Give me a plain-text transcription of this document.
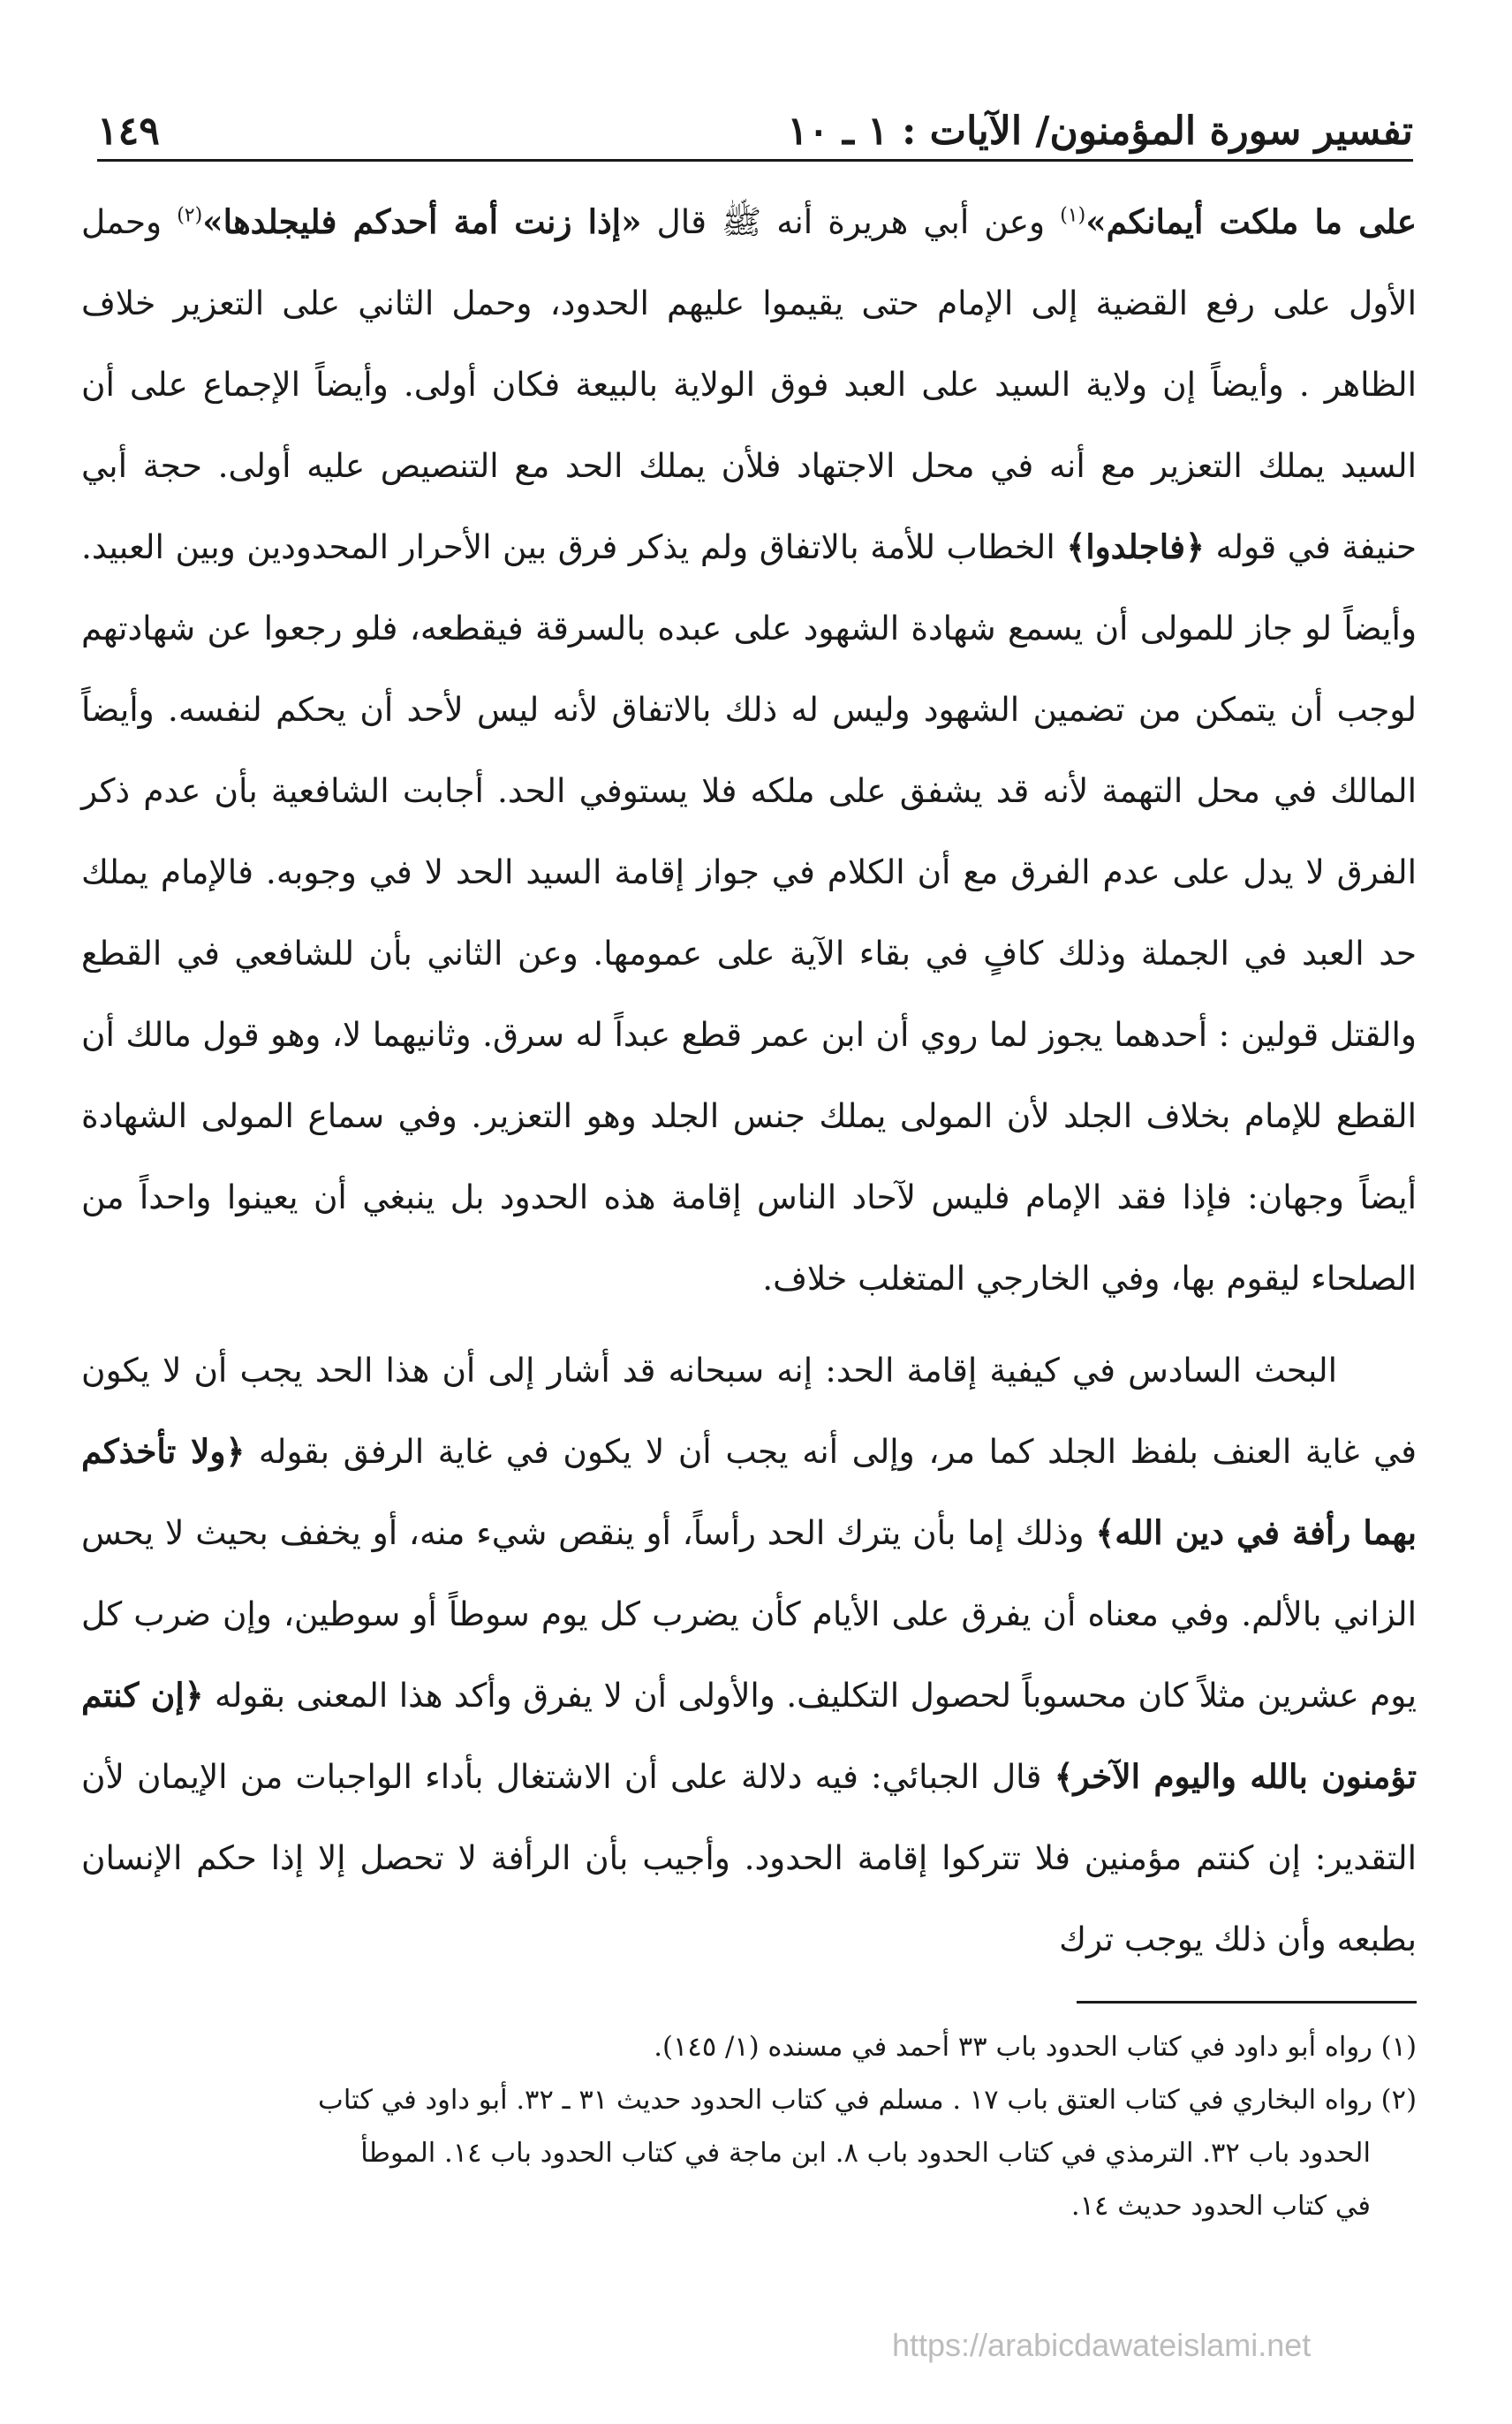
تفسير سورة المؤمنون/ الآيات : ١ ـ ١٠
١٤٩

على ما ملكت أيمانكم»$^{(١)}$ وعن أبي هريرة أنه ﷺ قال «إذا زنت أمة أحدكم فليجلدها»$^{(٢)}$ وحمل الأول على رفع القضية إلى الإمام حتى يقيموا عليهم الحدود، وحمل الثاني على التعزير خلاف الظاهر . وأيضاً إن ولاية السيد على العبد فوق الولاية بالبيعة فكان أولى. وأيضاً الإجماع على أن السيد يملك التعزير مع أنه في محل الاجتهاد فلأن يملك الحد مع التنصيص عليه أولى. حجة أبي حنيفة في قوله ﴿فاجلدوا﴾ الخطاب للأمة بالاتفاق ولم يذكر فرق بين الأحرار المحدودين وبين العبيد. وأيضاً لو جاز للمولى أن يسمع شهادة الشهود على عبده بالسرقة فيقطعه، فلو رجعوا عن شهادتهم لوجب أن يتمكن من تضمين الشهود وليس له ذلك بالاتفاق لأنه ليس لأحد أن يحكم لنفسه. وأيضاً المالك في محل التهمة لأنه قد يشفق على ملكه فلا يستوفي الحد. أجابت الشافعية بأن عدم ذكر الفرق لا يدل على عدم الفرق مع أن الكلام في جواز إقامة السيد الحد لا في وجوبه. فالإمام يملك حد العبد في الجملة وذلك كافٍ في بقاء الآية على عمومها. وعن الثاني بأن للشافعي في القطع والقتل قولين : أحدهما يجوز لما روي أن ابن عمر قطع عبداً له سرق. وثانيهما لا، وهو قول مالك أن القطع للإمام بخلاف الجلد لأن المولى يملك جنس الجلد وهو التعزير. وفي سماع المولى الشهادة أيضاً وجهان: فإذا فقد الإمام فليس لآحاد الناس إقامة هذه الحدود بل ينبغي أن يعينوا واحداً من الصلحاء ليقوم بها، وفي الخارجي المتغلب خلاف.

البحث السادس في كيفية إقامة الحد: إنه سبحانه قد أشار إلى أن هذا الحد يجب أن لا يكون في غاية العنف بلفظ الجلد كما مر، وإلى أنه يجب أن لا يكون في غاية الرفق بقوله ﴿ولا تأخذكم بهما رأفة في دين الله﴾ وذلك إما بأن يترك الحد رأساً، أو ينقص شيء منه، أو يخفف بحيث لا يحس الزاني بالألم. وفي معناه أن يفرق على الأيام كأن يضرب كل يوم سوطاً أو سوطين، وإن ضرب كل يوم عشرين مثلاً كان محسوباً لحصول التكليف. والأولى أن لا يفرق وأكد هذا المعنى بقوله ﴿إن كنتم تؤمنون بالله واليوم الآخر﴾ قال الجبائي: فيه دلالة على أن الاشتغال بأداء الواجبات من الإيمان لأن التقدير: إن كنتم مؤمنين فلا تتركوا إقامة الحدود. وأجيب بأن الرأفة لا تحصل إلا إذا حكم الإنسان بطبعه وأن ذلك يوجب ترك

(١) رواه أبو داود في كتاب الحدود باب ٣٣ أحمد في مسنده (١/ ١٤٥).

(٢) رواه البخاري في كتاب العتق باب ١٧ . مسلم في كتاب الحدود حديث ٣١ ـ ٣٢. أبو داود في كتاب

الحدود باب ٣٢. الترمذي في كتاب الحدود باب ٨. ابن ماجة في كتاب الحدود باب ١٤. الموطأ

في كتاب الحدود حديث ١٤.

https://arabicdawateislami.net
